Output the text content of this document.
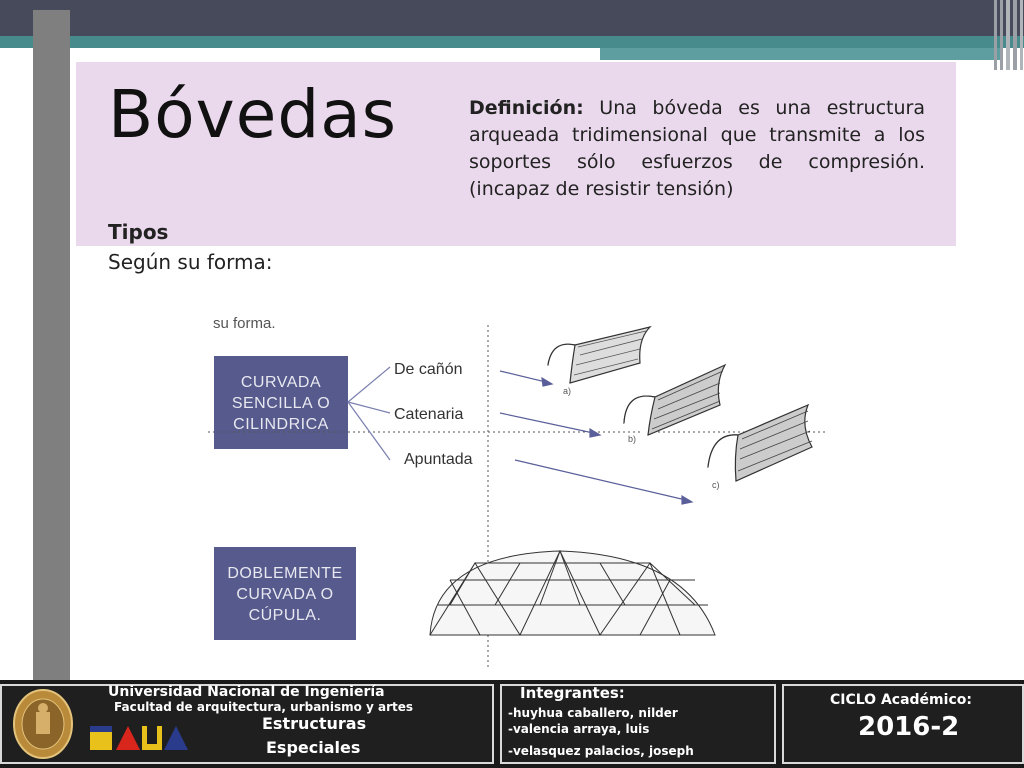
Bóvedas	Definición: Una bóveda es una estructura arqueada tridimensional que transmite a los soportes sólo esfuerzos de compresión. (incapaz de resistir tensión)
Tipos
Según su forma:
su forma.
CURVADA
SENCILLA O
CILINDRICA
DOBLEMENTE
CURVADA O
CÚPULA.
De cañón
Catenaria
Apuntada
a)
b)
c)
Universidad Nacional de Ingeniería
Facultad de arquitectura, urbanismo y artes
FAUA
Estructuras
Especiales
Integrantes:
-huyhua caballero, nilder
-valencia arraya, luis
-velasquez palacios, joseph
CICLO Académico:
2016-2
